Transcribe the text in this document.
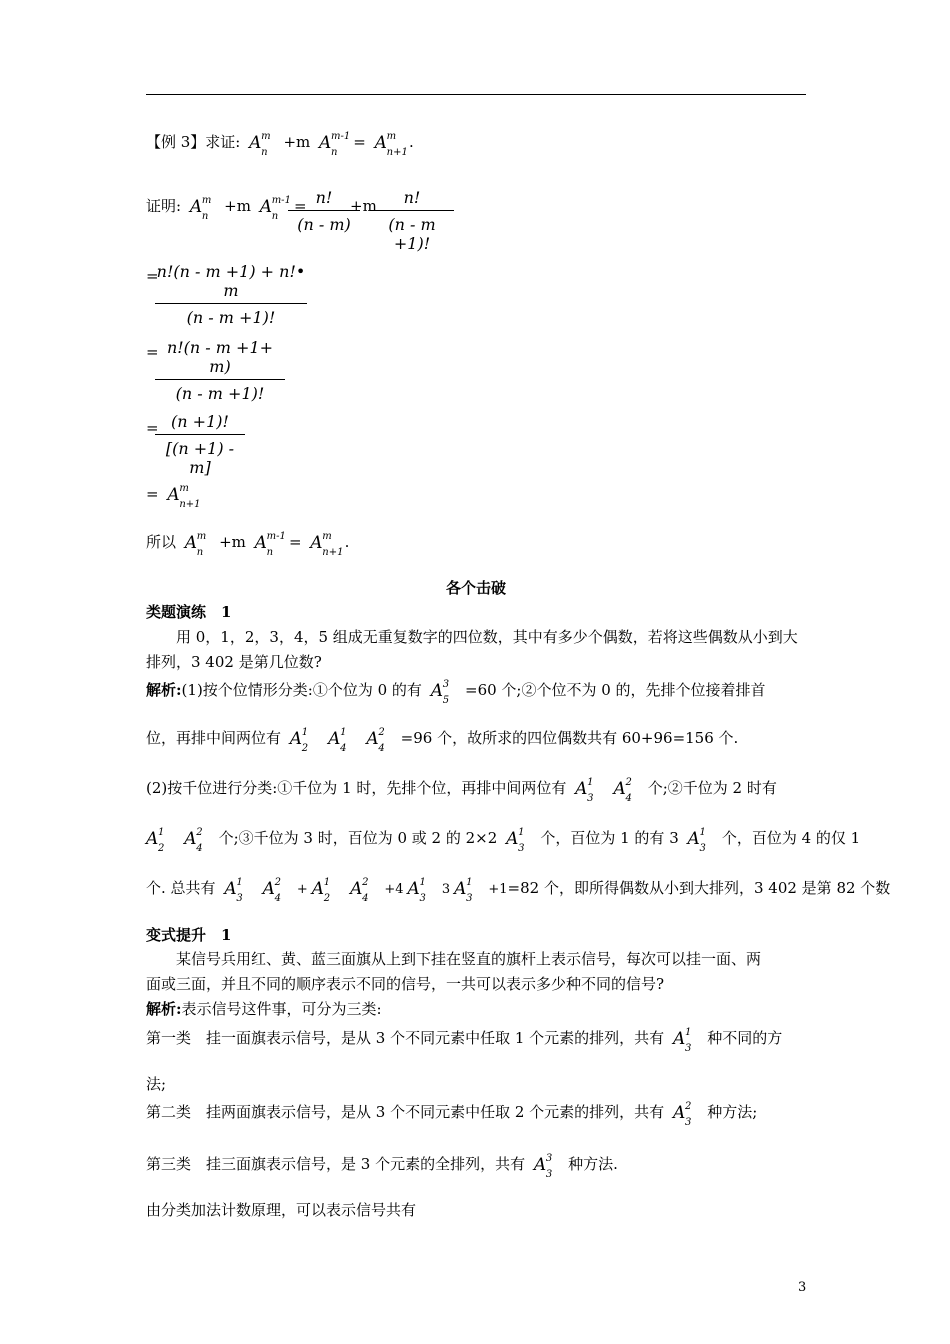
【例 3】求证: A m
n
+m A m-1
n
= A m
n+1
.
证明: A m
n
+m A m-1
n
= n!
(n - m)
+m	n!
(n - m +1)!
=
n!(n - m +1) + n!• m
(n - m +1)!
= n!(n - m +1+ m)
(n - m +1)!
= (n +1)!
[(n +1) - m]
= A m
n+1
所以 A m
n
+m A m-1
n
= A m
n+1
.
各个击破
类题演练　1
用 0，1，2，3，4，5 组成无重复数字的四位数，其中有多少个偶数，若将这些偶数从小到大
排列，3 402 是第几位数?
解析:(1)按个位情形分类:①个位为 0 的有 A 3
5
=60 个;②个位不为 0 的，先排个位接着排首
位，再排中间两位有 A 1
2 A 1
4 A 2
4
=96 个，故所求的四位偶数共有 60+96=156 个.
(2)按千位进行分类:①千位为 1 时，先排个位，再排中间两位有 A 1
3 A 2
4
个;②千位为 2 时有
A 1
2 A 2
4
个;③千位为 3 时，百位为 0 或 2 的 2×2 A 1
3
个，百位为 1 的有 3 A 1
3
个，百位为 4 的仅 1
个. 总共有 A 1
3 A 2
4
+ A 1
2 A 2
4
+4 A 1
3
3 A 1
3
+1=82 个，即所得偶数从小到大排列，3 402 是第 82 个数
变式提升　1
某信号兵用红、黄、蓝三面旗从上到下挂在竖直的旗杆上表示信号，每次可以挂一面、两
面或三面，并且不同的顺序表示不同的信号，一共可以表示多少种不同的信号?
解析:表示信号这件事，可分为三类:
第一类　挂一面旗表示信号，是从 3 个不同元素中任取 1 个元素的排列，共有 A 1
3
种不同的方
法;
第二类　挂两面旗表示信号，是从 3 个不同元素中任取 2 个元素的排列，共有 A 2
3
种方法;
第三类　挂三面旗表示信号，是 3 个元素的全排列，共有 A 3
3
种方法.
由分类加法计数原理，可以表示信号共有
3
